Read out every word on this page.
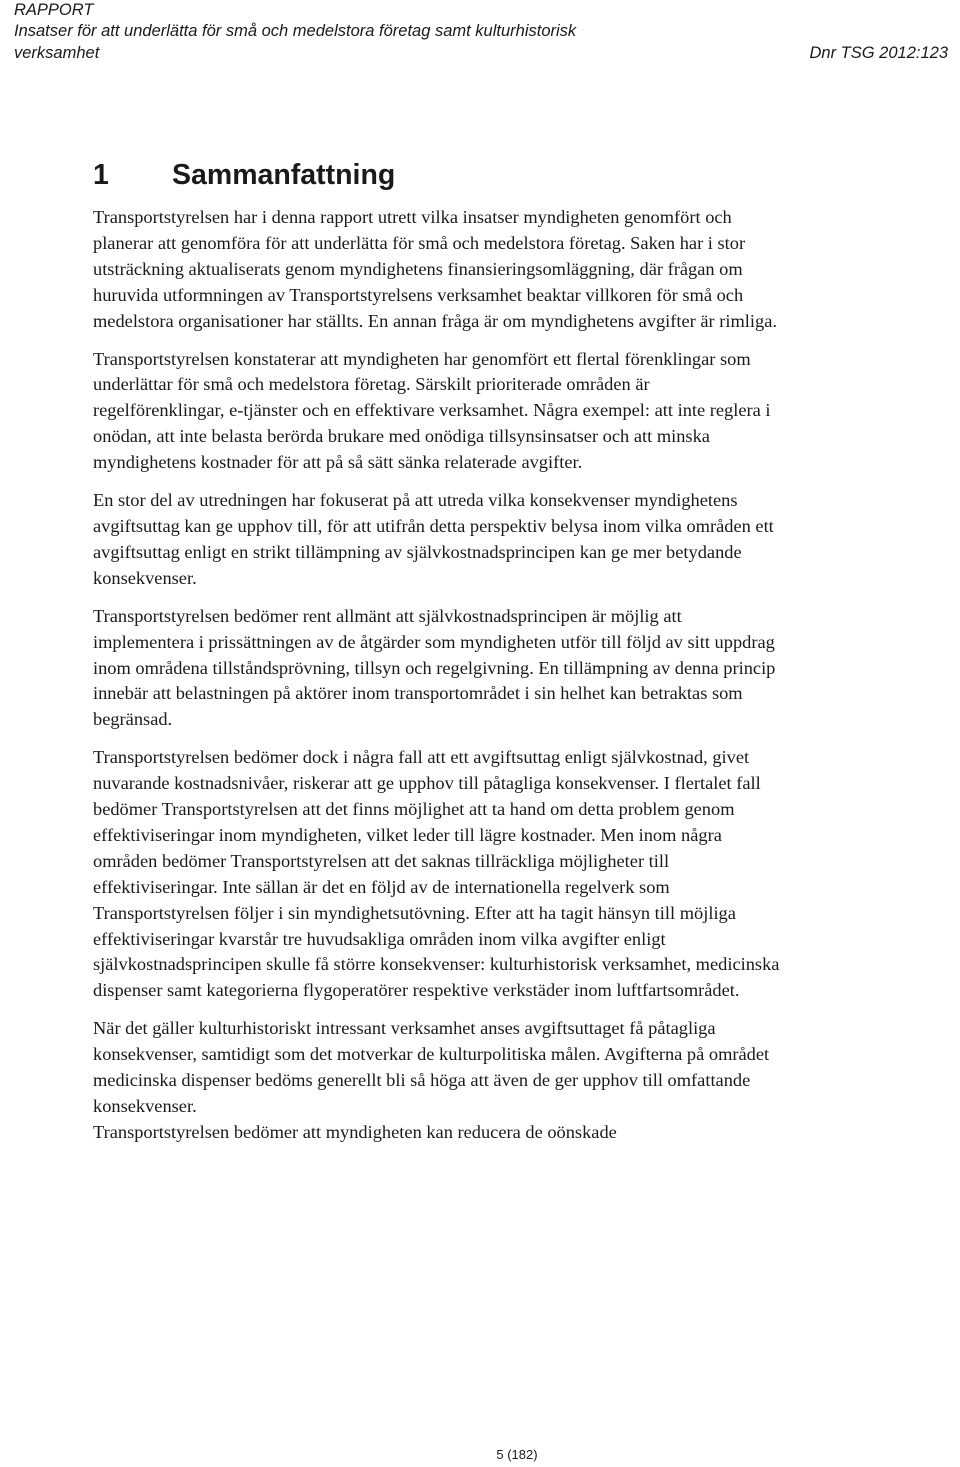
RAPPORT
Insatser för att underlätta för små och medelstora företag samt kulturhistorisk
verksamhet	Dnr TSG 2012:123
1 Sammanfattning

Transportstyrelsen har i denna rapport utrett vilka insatser myndigheten genomfört och planerar att genomföra för att underlätta för små och medelstora företag. Saken har i stor utsträckning aktualiserats genom myndighetens finansieringsomläggning, där frågan om huruvida utformningen av Transportstyrelsens verksamhet beaktar villkoren för små och medelstora organisationer har ställts. En annan fråga är om myndighetens avgifter är rimliga.

Transportstyrelsen konstaterar att myndigheten har genomfört ett flertal förenklingar som underlättar för små och medelstora företag. Särskilt prioriterade områden är regelförenklingar, e-tjänster och en effektivare verksamhet. Några exempel: att inte reglera i onödan, att inte belasta berörda brukare med onödiga tillsynsinsatser och att minska myndighetens kostnader för att på så sätt sänka relaterade avgifter.

En stor del av utredningen har fokuserat på att utreda vilka konsekvenser myndighetens avgiftsuttag kan ge upphov till, för att utifrån detta perspektiv belysa inom vilka områden ett avgiftsuttag enligt en strikt tillämpning av självkostnadsprincipen kan ge mer betydande konsekvenser.

Transportstyrelsen bedömer rent allmänt att självkostnadsprincipen är möjlig att implementera i prissättningen av de åtgärder som myndigheten utför till följd av sitt uppdrag inom områdena tillståndsprövning, tillsyn och regelgivning. En tillämpning av denna princip innebär att belastningen på aktörer inom transportområdet i sin helhet kan betraktas som begränsad.

Transportstyrelsen bedömer dock i några fall att ett avgiftsuttag enligt självkostnad, givet nuvarande kostnadsnivåer, riskerar att ge upphov till påtagliga konsekvenser. I flertalet fall bedömer Transportstyrelsen att det finns möjlighet att ta hand om detta problem genom effektiviseringar inom myndigheten, vilket leder till lägre kostnader. Men inom några områden bedömer Transportstyrelsen att det saknas tillräckliga möjligheter till effektiviseringar. Inte sällan är det en följd av de internationella regelverk som Transportstyrelsen följer i sin myndighetsutövning. Efter att ha tagit hänsyn till möjliga effektiviseringar kvarstår tre huvudsakliga områden inom vilka avgifter enligt självkostnadsprincipen skulle få större konsekvenser: kulturhistorisk verksamhet, medicinska dispenser samt kategorierna flygoperatörer respektive verkstäder inom luftfartsområdet.

När det gäller kulturhistoriskt intressant verksamhet anses avgiftsuttaget få påtagliga konsekvenser, samtidigt som det motverkar de kulturpolitiska målen. Avgifterna på området medicinska dispenser bedöms generellt bli så höga att även de ger upphov till omfattande konsekvenser.

Transportstyrelsen bedömer att myndigheten kan reducera de oönskade

5 (182)
